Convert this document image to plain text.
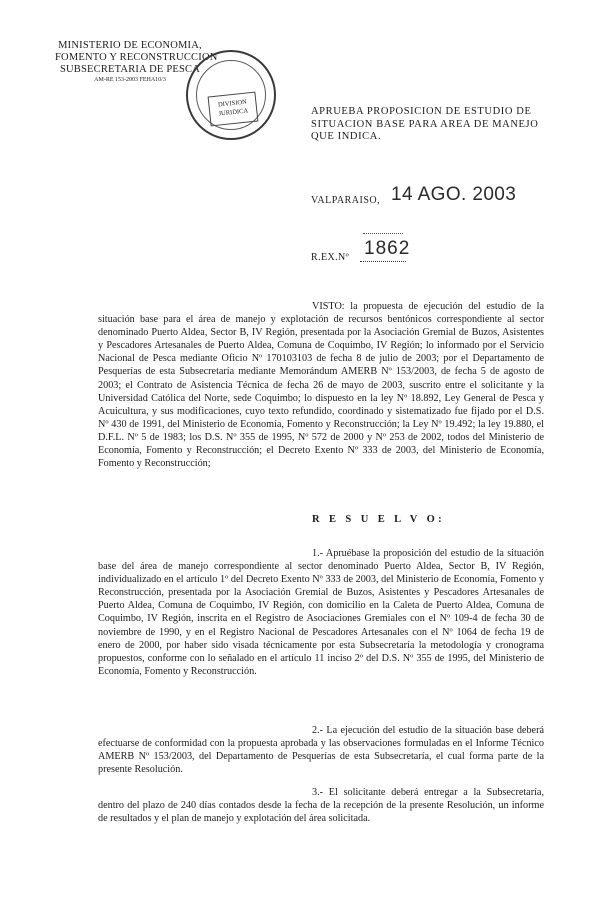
MINISTERIO DE ECONOMIA,
FOMENTO Y RECONSTRUCCION
SUBSECRETARIA DE PESCA
AM-RE 153-2003 FEHA10/3
DIVISION
JURIDICA	APRUEBA PROPOSICION DE ESTUDIO DE SITUACION BASE PARA AREA DE MANEJO QUE INDICA.
VALPARAISO, 14 AGO. 2003
R.EX.Nº 1862
VISTO: la propuesta de ejecución del estudio de la situación base para el área de manejo y explotación de recursos bentónicos correspondiente al sector denominado Puerto Aldea, Sector B, IV Región, presentada por la Asociación Gremial de Buzos, Asistentes y Pescadores Artesanales de Puerto Aldea, Comuna de Coquimbo, IV Región; lo informado por el Servicio Nacional de Pesca mediante Oficio Nº 170103103 de fecha 8 de julio de 2003; por el Departamento de Pesquerías de esta Subsecretaría mediante Memorándum AMERB Nº 153/2003, de fecha 5 de agosto de 2003; el Contrato de Asistencia Técnica de fecha 26 de mayo de 2003, suscrito entre el solicitante y la Universidad Católica del Norte, sede Coquimbo; lo dispuesto en la ley Nº 18.892, Ley General de Pesca y Acuicultura, y sus modificaciones, cuyo texto refundido, coordinado y sistematizado fue fijado por el D.S. Nº 430 de 1991, del Ministerio de Economía, Fomento y Reconstrucción; la Ley Nº 19.492; la ley 19.880, el D.F.L. Nº 5 de 1983; los D.S. Nº 355 de 1995, Nº 572 de 2000 y Nº 253 de 2002, todos del Ministerio de Economía, Fomento y Reconstrucción; el Decreto Exento Nº 333 de 2003, del Ministerio de Economía, Fomento y Reconstrucción;
R E S U E L V O:
1.- Apruébase la proposición del estudio de la situación base del área de manejo correspondiente al sector denominado Puerto Aldea, Sector B, IV Región, individualizado en el artículo 1º del Decreto Exento Nº 333 de 2003, del Ministerio de Economía, Fomento y Reconstrucción, presentada por la Asociación Gremial de Buzos, Asistentes y Pescadores Artesanales de Puerto Aldea, Comuna de Coquimbo, IV Región, con domicilio en la Caleta de Puerto Aldea, Comuna de Coquimbo, IV Región, inscrita en el Registro de Asociaciones Gremiales con el Nº 109-4 de fecha 30 de noviembre de 1990, y en el Registro Nacional de Pescadores Artesanales con el Nº 1064 de fecha 19 de enero de 2000, por haber sido visada técnicamente por esta Subsecretaría la metodología y cronograma propuestos, conforme con lo señalado en el artículo 11 inciso 2º del D.S. Nº 355 de 1995, del Ministerio de Economía, Fomento y Reconstrucción.
2.- La ejecución del estudio de la situación base deberá efectuarse de conformidad con la propuesta aprobada y las observaciones formuladas en el Informe Técnico AMERB Nº 153/2003, del Departamento de Pesquerías de esta Subsecretaría, el cual forma parte de la presente Resolución.
3.- El solicitante deberá entregar a la Subsecretaría, dentro del plazo de 240 días contados desde la fecha de la recepción de la presente Resolución, un informe de resultados y el plan de manejo y explotación del área solicitada.
